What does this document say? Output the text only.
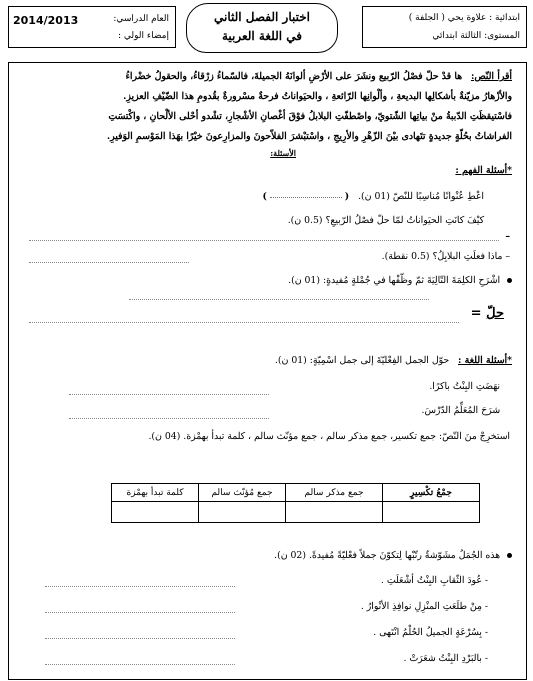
ابتدائية : علاوة يحي ( الجلفة )
المستوى: الثالثة ابتدائي
اختبار الفصل الثاني
في اللغة العربية
العام الدراسي:
2014/2013
إمضاء الولي :
أقرأ النّص:   ها قدْ حلّ فصْلُ الرّبيع ونشَرَ على الأرْضِ ألوانَهُ الجميلةَ، فالسّماءُ زرْقاءُ، والحقولُ خضْراءُ
والأزْهارُ مزيّنةٌ بأشكالِها البديعةِ ، وألْوانِها الرّائعةِ ، والحيَواناتُ فرحةٌ مسْرورةٌ بقُدومِ هذا الضّيْفِ العزيزِ.
فاسْتيقظَتِ الدّببةُ منْ بياتِها الشّتويّ، واصْطفّتِ البلابلُ فوْقَ أغْصانِ الأشْجارِ، تشْدو أحْلى الألْحانِ ، واكْتسَتِ
الفراشاتُ بحُلّةٍ جديدةٍ تتَهادى بيْنَ الزّهْرِ والأرِيجِ ، واسْتبْشرَ الفلاّحونَ والمزارِعونَ خيْرًا بهَذا المَوْسمِ الوَفيرِ.
الأسئلة:
*أسئلة الفهم :
اعْطِ عُنْوانًا مُناسِبًا للنّصّ (01 ن).   (  )
كيْفَ كانَتِ الحيَواناتُ لمّا حلّ فصْلُ الرّبيعِ؟ (0.5 ن).
–
– ماذا فعلَتِ البلابِلُ؟ (0.5 نقطة).
اشْرَحِ الكلِمَةَ التّالِيَةَ ثمّ وظّفْها في جُمْلةٍ مُفيدةٍ: (01 ن).
حلّ =
*أسئلة اللغة :   حوّل الجمل الفِعْليّةَ إلى جمل اسْمِيّةٍ: (01 ن).
نهَضَتِ البِنْتُ باكرًا.
شرَحَ المُعَلِّمُ الدّرْسَ.
استخرِجْ منَ النّصّ: جمع تكسير، جمع مذكر سالم ، جمع مؤنّث سالم ، كلمة تبدأ بهمْزة. (04 ن).
جمْعُ تكْسِيرٍ	جمع مذكر سالم	جمع مُؤنّث سالم	كلمة تبدأ بهمْزة

هذه الجُمَلُ مشَوّشةٌ رتّبْها لِتكوّنَ جملاً فعْليّةً مُفيدةً. (02 ن).
- عُودَ الثّقابِ البِنْتُ أشْعَلَتِ .
- مِنْ طلَعَتِ المنْزِلِ نوافِذِ الأنْوارُ .
- بِسُرْعَةٍ الجميلُ الحُلْمُ انْتَهى .
- بالبَرْدِ البِنْتُ شعَرَتْ .
